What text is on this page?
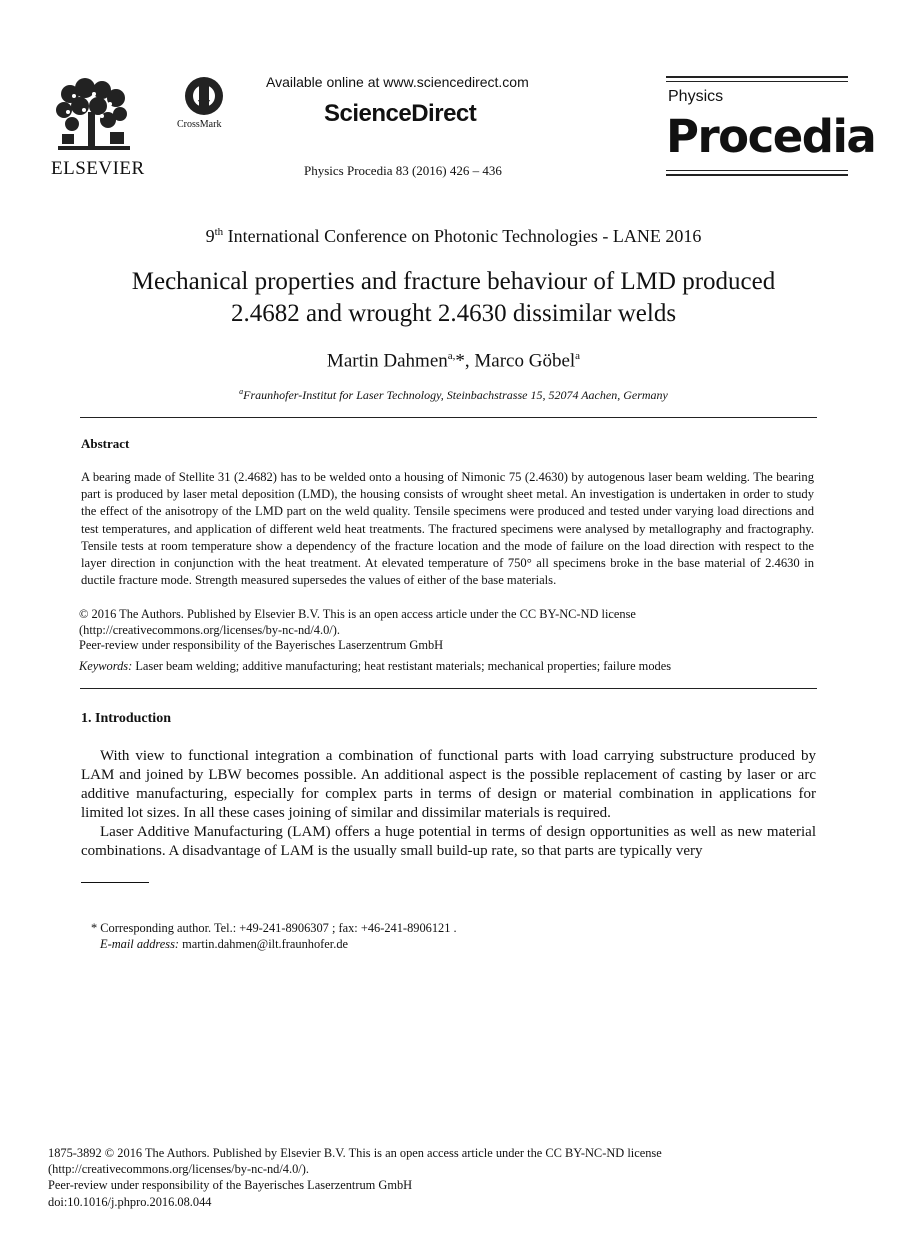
ELSEVIER
CrossMark
Available online at www.sciencedirect.com
ScienceDirect
Physics Procedia 83 (2016) 426 – 436
Physics
Procedia
9th International Conference on Photonic Technologies - LANE 2016
Mechanical properties and fracture behaviour of LMD produced
2.4682 and wrought 2.4630 dissimilar welds
Martin Dahmen$^{a,}$*, Marco Göbel$^a$
$^a$Fraunhofer-Institut for Laser Technology, Steinbachstrasse 15, 52074 Aachen, Germany
Abstract
A bearing made of Stellite 31 (2.4682) has to be welded onto a housing of Nimonic 75 (2.4630) by autogenous laser beam welding. The bearing part is produced by laser metal deposition (LMD), the housing consists of wrought sheet metal. An investigation is undertaken in order to study the effect of the anisotropy of the LMD part on the weld quality. Tensile specimens were produced and tested under varying load directions and test temperatures, and application of different weld heat treatments. The fractured specimens were analysed by metallography and fractography. Tensile tests at room temperature show a dependency of the fracture location and the mode of failure on the load direction with respect to the layer direction in conjunction with the heat treatment. At elevated temperature of 750° all specimens broke in the base material of 2.4630 in ductile fracture mode. Strength measured supersedes the values of either of the base materials.
© 2016 The Authors. Published by Elsevier B.V. This is an open access article under the CC BY-NC-ND license
(http://creativecommons.org/licenses/by-nc-nd/4.0/).
Peer-review under responsibility of the Bayerisches Laserzentrum GmbH
Keywords: Laser beam welding; additive manufacturing; heat restistant materials; mechanical properties; failure modes
1. Introduction

With view to functional integration a combination of functional parts with load carrying substructure produced by LAM and joined by LBW becomes possible. An additional aspect is the possible replacement of casting by laser or arc additive manufacturing, especially for complex parts in terms of design or material combination in applications for limited lot sizes. In all these cases joining of similar and dissimilar materials is required.

Laser Additive Manufacturing (LAM) offers a huge potential in terms of design opportunities as well as new material combinations. A disadvantage of LAM is the usually small build-up rate, so that parts are typically very

* Corresponding author. Tel.: +49-241-8906307 ; fax: +46-241-8906121 .
E-mail address: martin.dahmen@ilt.fraunhofer.de
1875-3892 © 2016 The Authors. Published by Elsevier B.V. This is an open access article under the CC BY-NC-ND license
(http://creativecommons.org/licenses/by-nc-nd/4.0/).
Peer-review under responsibility of the Bayerisches Laserzentrum GmbH
doi:10.1016/j.phpro.2016.08.044
